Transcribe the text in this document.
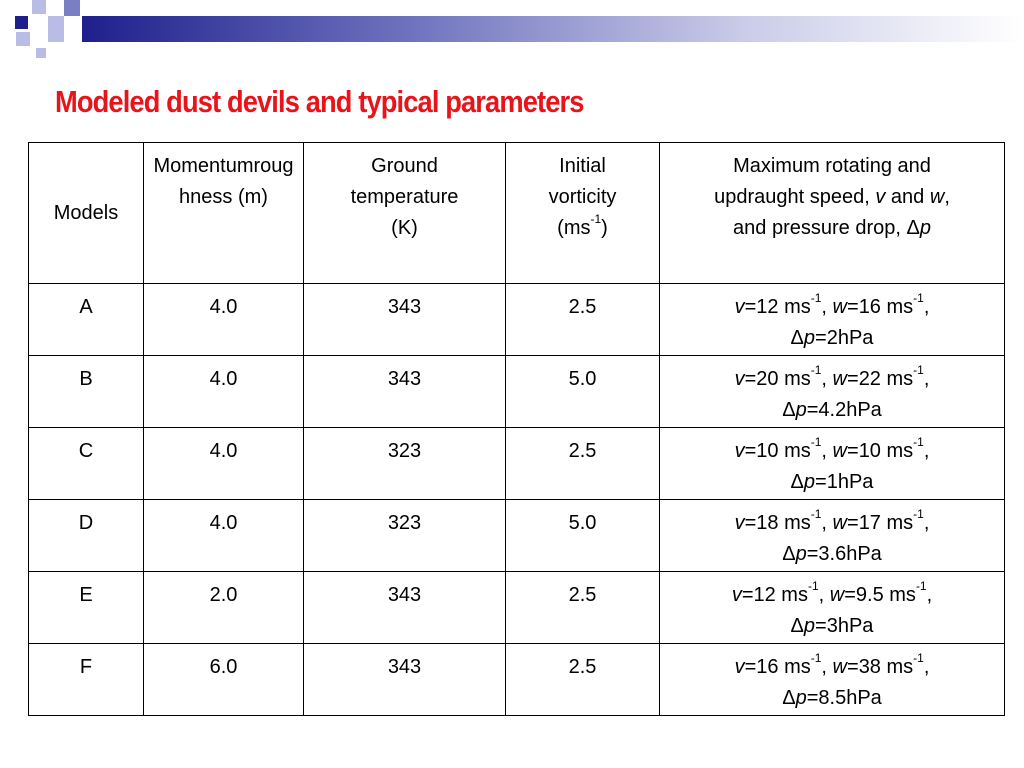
Modeled dust devils and typical parameters
Models	Momentumroughness (m)	Ground
temperature
(K)	Initial
vorticity
$(ms^{-1})$	Maximum rotating and
updraught speed, v and w,
and pressure drop, Δp
A	4.0	343	2.5	v=12 $ms^{-1}$, w=16 $ms^{-1}$,
Δp=2hPa
B	4.0	343	5.0	v=20 $ms^{-1}$, w=22 $ms^{-1}$,
Δp=4.2hPa
C	4.0	323	2.5	v=10 $ms^{-1}$, w=10 $ms^{-1}$,
Δp=1hPa
D	4.0	323	5.0	v=18 $ms^{-1}$, w=17 $ms^{-1}$,
Δp=3.6hPa
E	2.0	343	2.5	v=12 $ms^{-1}$, w=9.5 $ms^{-1}$,
Δp=3hPa
F	6.0	343	2.5	v=16 $ms^{-1}$, w=38 $ms^{-1}$,
Δp=8.5hPa
